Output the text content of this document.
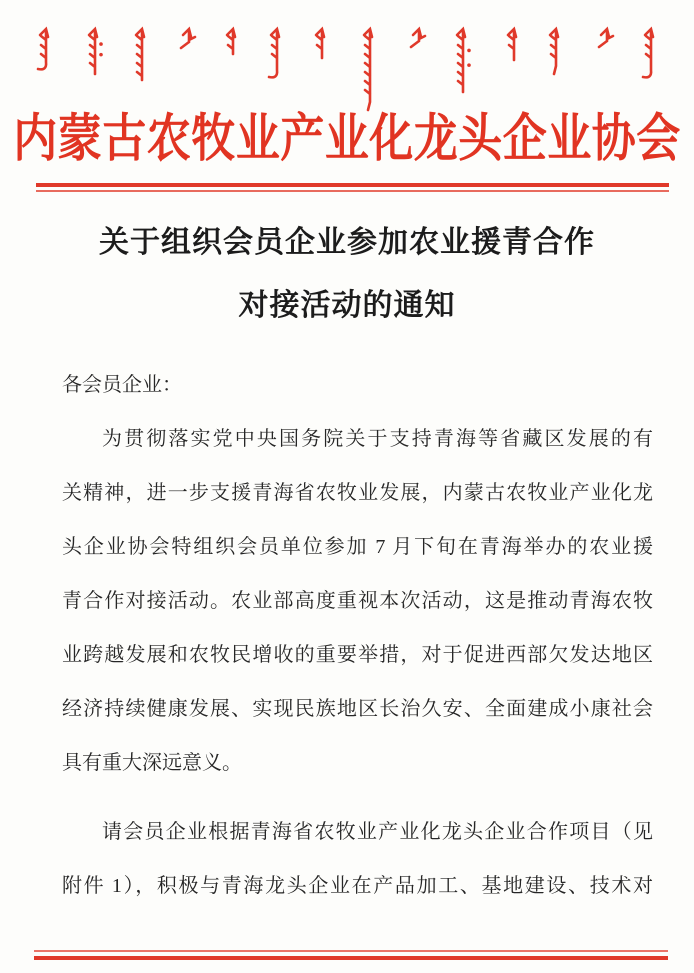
内蒙古农牧业产业化龙头企业协会
关于组织会员企业参加农业援青合作
对接活动的通知
各会员企业：
为贯彻落实党中央国务院关于支持青海等省藏区发展的有
关精神，进一步支援青海省农牧业发展，内蒙古农牧业产业化龙
头企业协会特组织会员单位参加 7 月下旬在青海举办的农业援
青合作对接活动。农业部高度重视本次活动，这是推动青海农牧
业跨越发展和农牧民增收的重要举措，对于促进西部欠发达地区
经济持续健康发展、实现民族地区长治久安、全面建成小康社会
具有重大深远意义。
请会员企业根据青海省农牧业产业化龙头企业合作项目（见
附件 1），积极与青海龙头企业在产品加工、基地建设、技术对
